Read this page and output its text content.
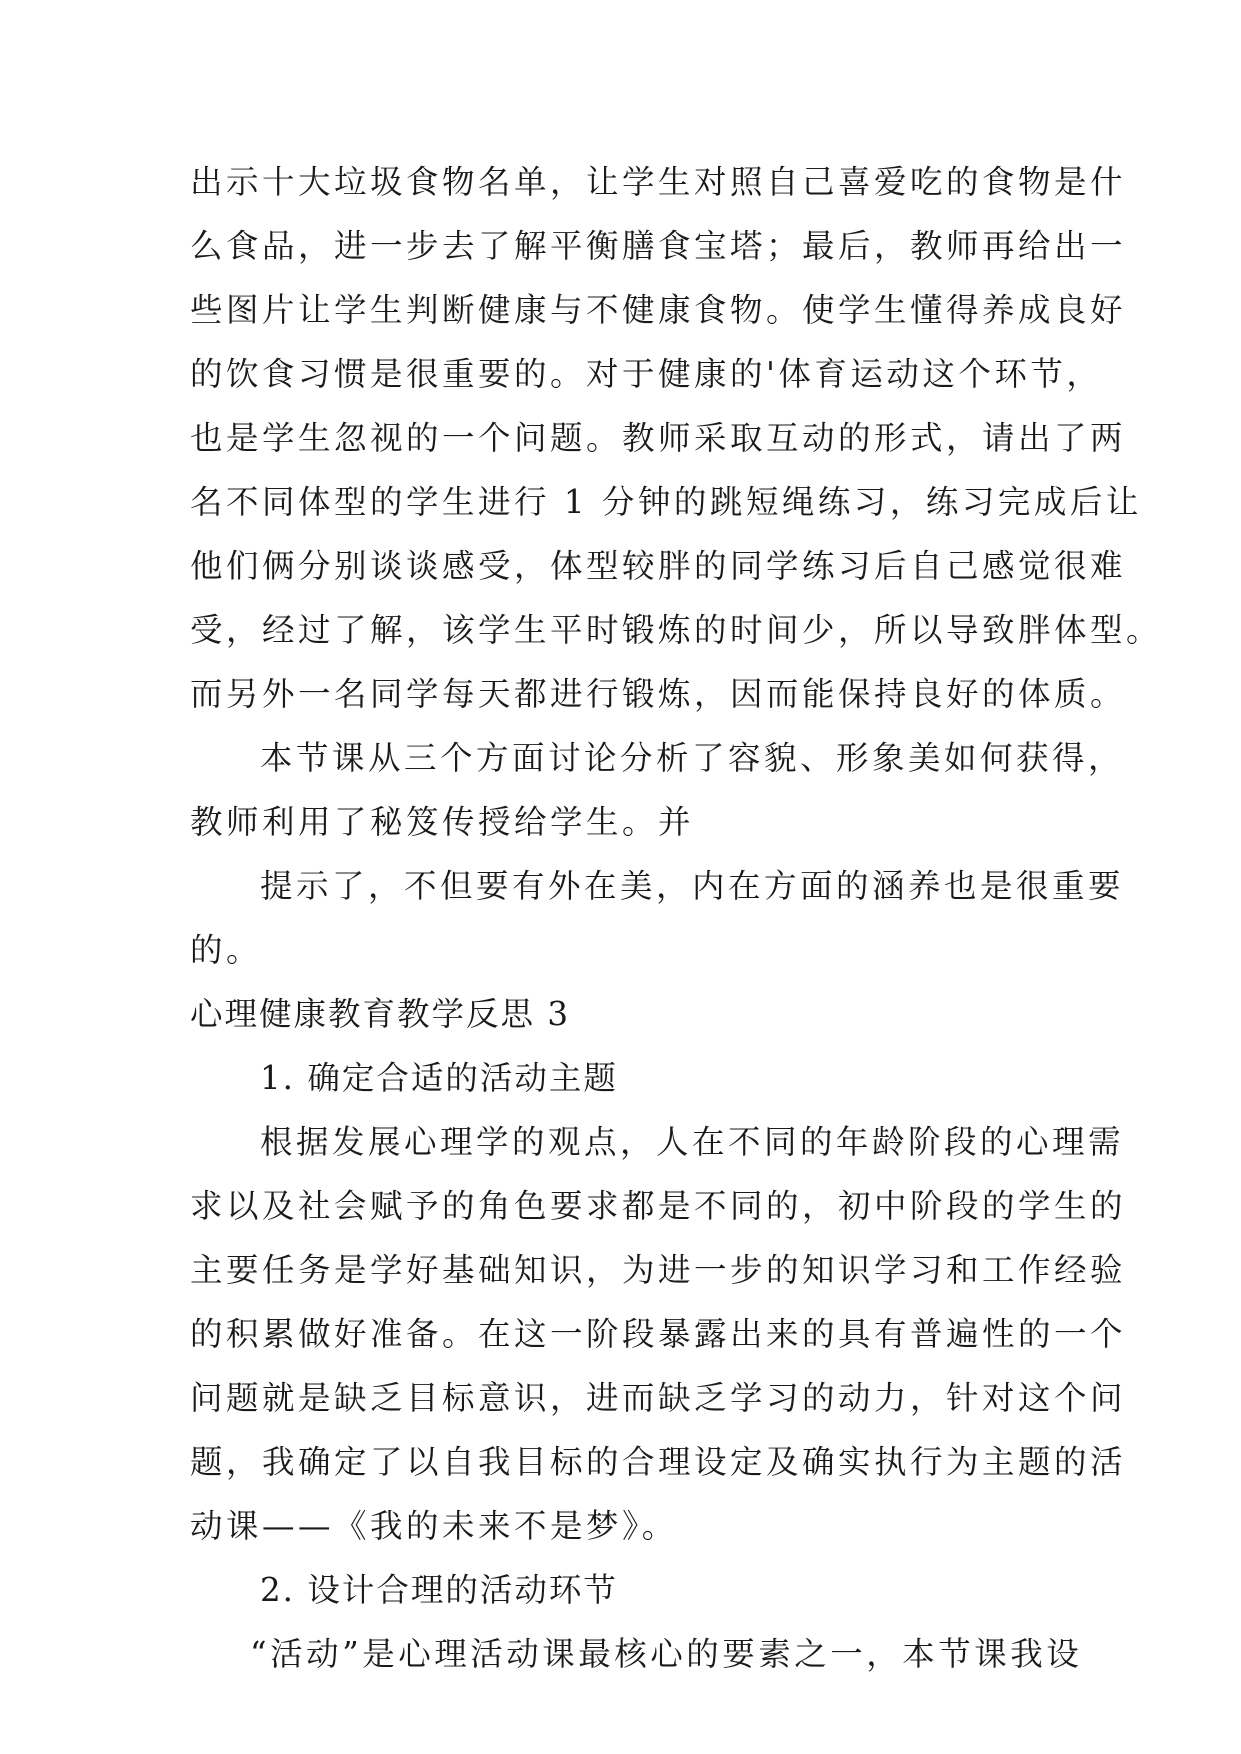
出示十大垃圾食物名单，让学生对照自己喜爱吃的食物是什
么食品，进一步去了解平衡膳食宝塔；最后，教师再给出一
些图片让学生判断健康与不健康食物。使学生懂得养成良好
的饮食习惯是很重要的。对于健康的'体育运动这个环节，
也是学生忽视的一个问题。教师采取互动的形式，请出了两
名不同体型的学生进行 1 分钟的跳短绳练习，练习完成后让
他们俩分别谈谈感受，体型较胖的同学练习后自己感觉很难
受，经过了解，该学生平时锻炼的时间少，所以导致胖体型。
而另外一名同学每天都进行锻炼，因而能保持良好的体质。
本节课从三个方面讨论分析了容貌、形象美如何获得，
教师利用了秘笈传授给学生。并
提示了，不但要有外在美，内在方面的涵养也是很重要
的。
心理健康教育教学反思 3
1. 确定合适的活动主题
根据发展心理学的观点，人在不同的年龄阶段的心理需
求以及社会赋予的角色要求都是不同的，初中阶段的学生的
主要任务是学好基础知识，为进一步的知识学习和工作经验
的积累做好准备。在这一阶段暴露出来的具有普遍性的一个
问题就是缺乏目标意识，进而缺乏学习的动力，针对这个问
题，我确定了以自我目标的合理设定及确实执行为主题的活
动课——《我的未来不是梦》。
2. 设计合理的活动环节
“活动”是心理活动课最核心的要素之一，本节课我设
